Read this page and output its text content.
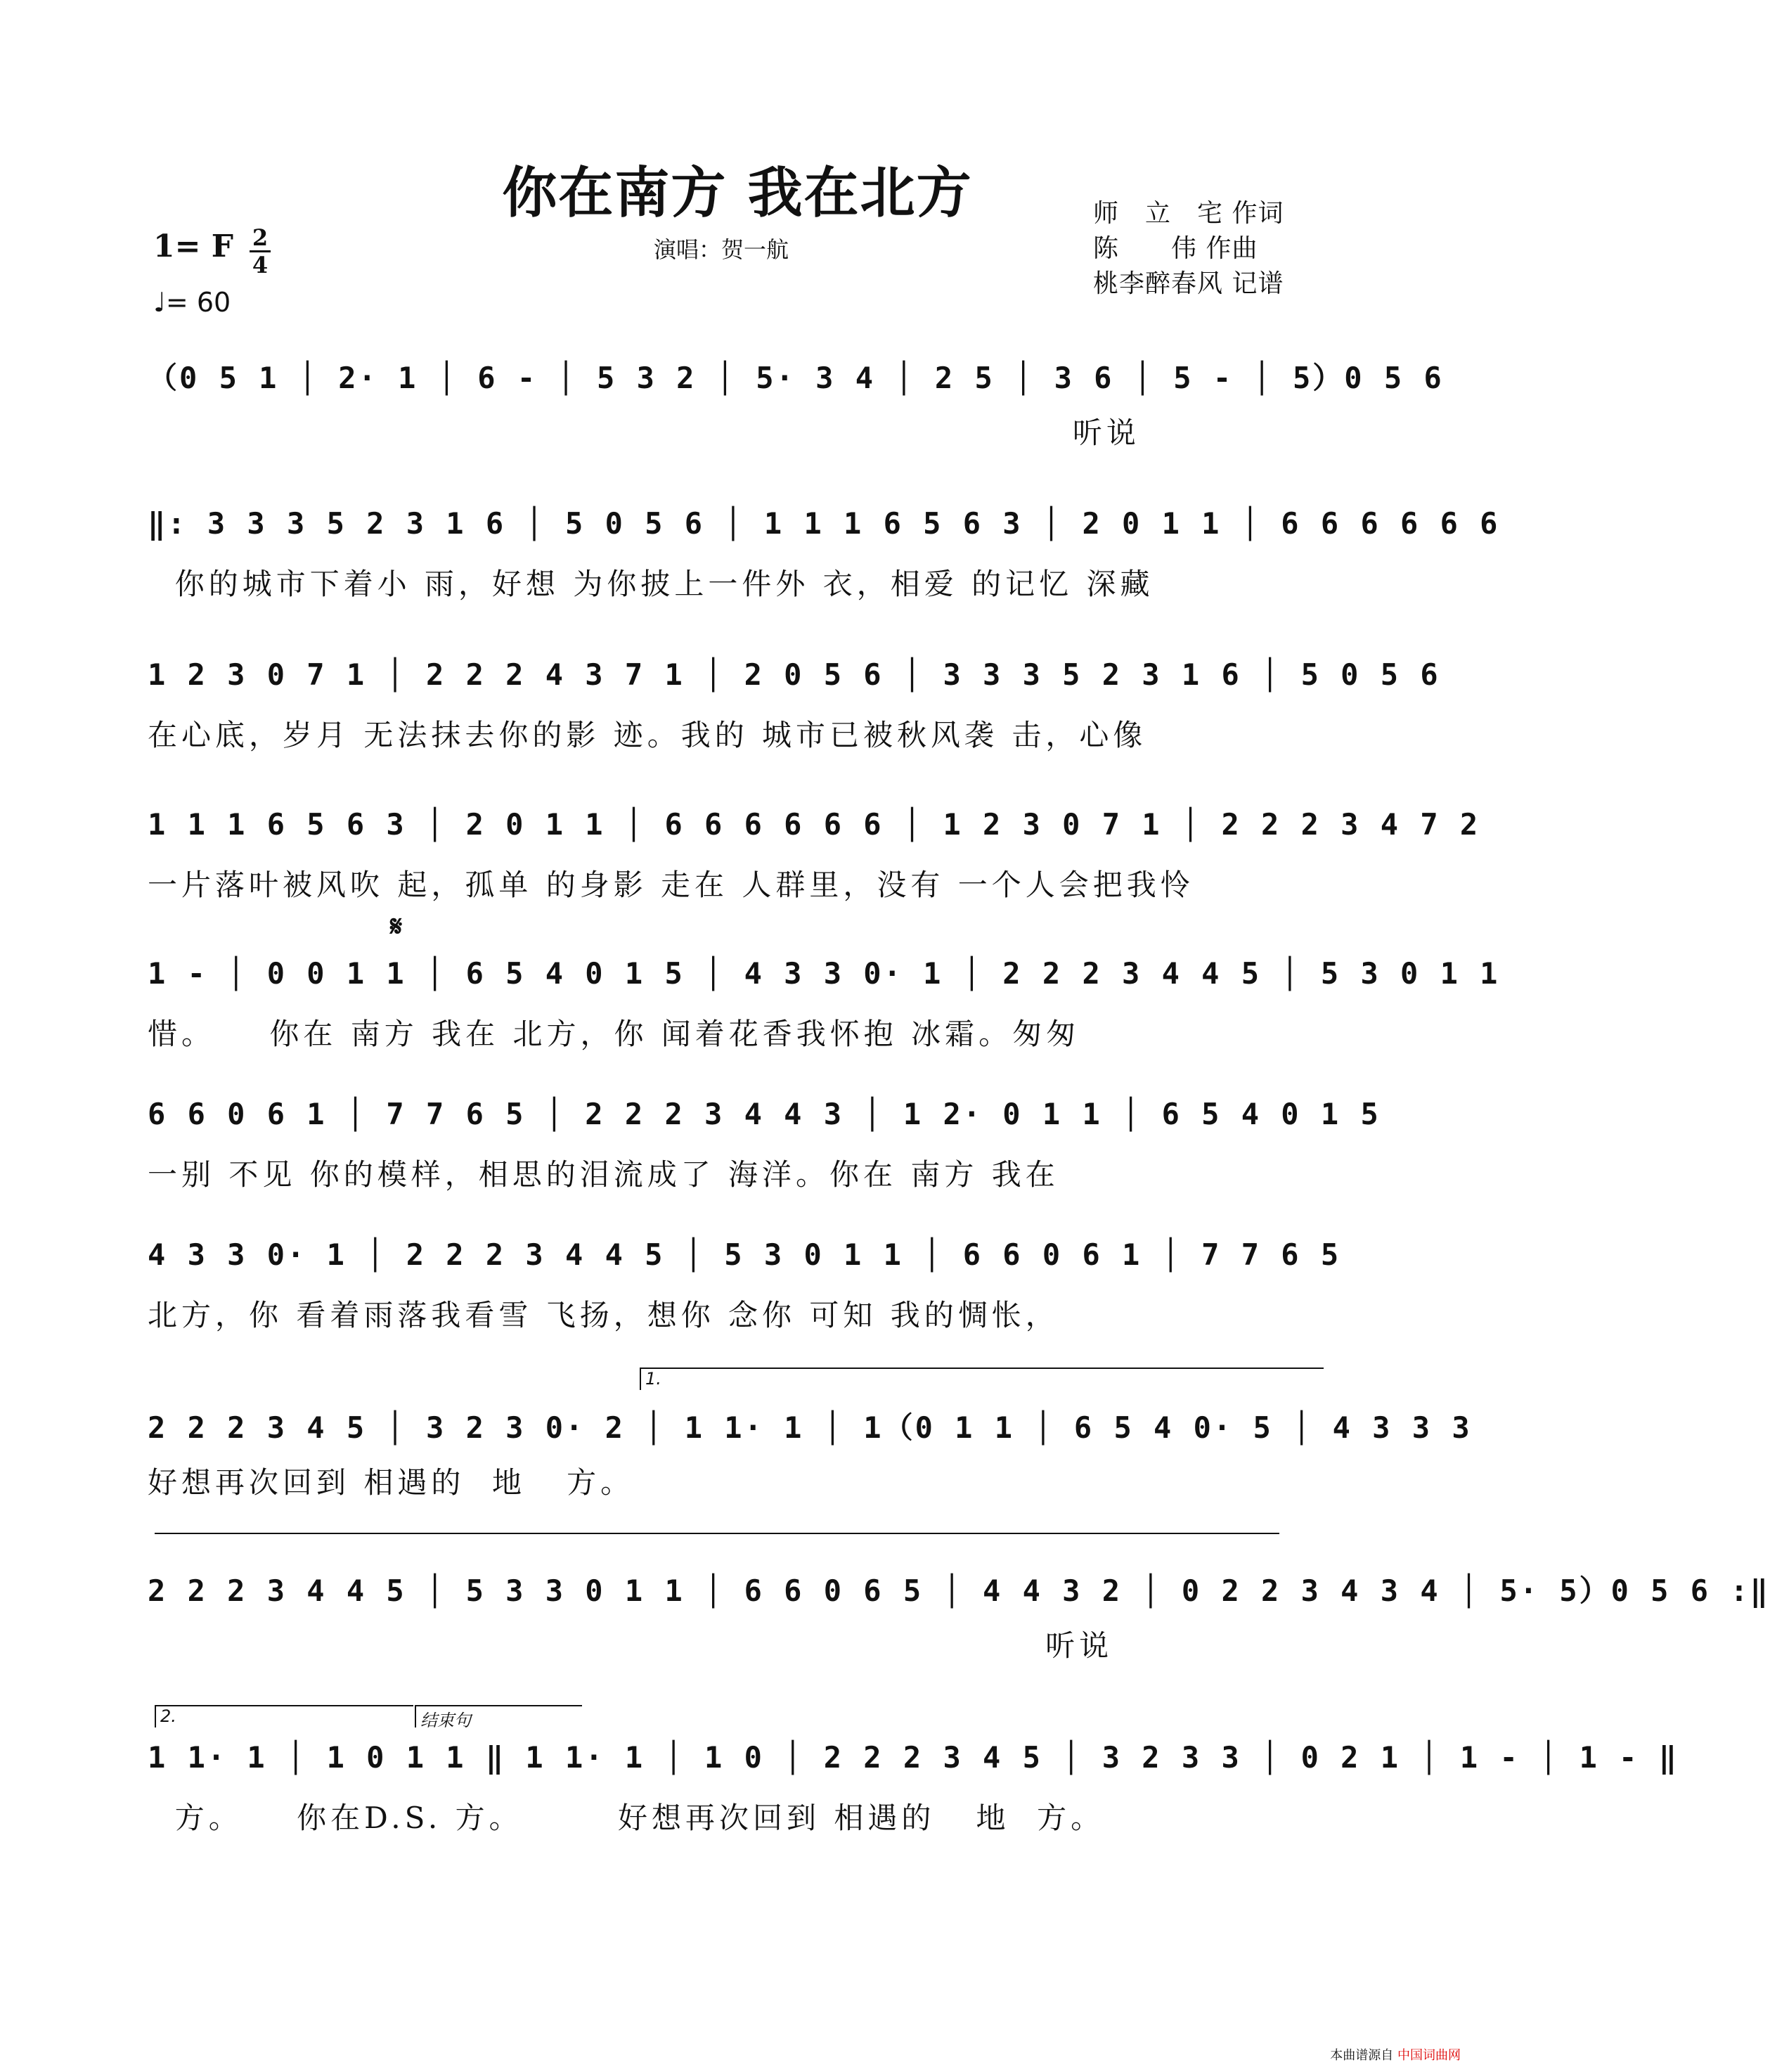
你在南方 我在北方
演唱：贺一航
师　立　宅 作词
陈　　伟 作曲
桃李醉春风 记谱
1= F 2
4
♩= 60
（0 5 1 │ 2· 1 │ 6 - │ 5 3 2 │ 5· 3 4 │ 2 5 │ 3 6 │ 5 - │ 5）0 5 6
听说
‖: 3 3 3 5 2 3 1 6 │ 5 0 5 6 │ 1 1 1 6 5 6 3 │ 2 0 1 1 │ 6 6 6 6 6 6
你的城市下着小 雨，好想 为你披上一件外 衣，相爱 的记忆 深藏
1 2 3 0 7 1 │ 2 2 2 4 3 7 1 │ 2 0 5 6 │ 3 3 3 5 2 3 1 6 │ 5 0 5 6
在心底，岁月 无法抹去你的影 迹。我的 城市已被秋风袭 击，心像
1 1 1 6 5 6 3 │ 2 0 1 1 │ 6 6 6 6 6 6 │ 1 2 3 0 7 1 │ 2 2 2 3 4 7 2
一片落叶被风吹 起，孤单 的身影 走在 人群里，没有 一个人会把我怜
𝄋
1 - │ 0 0 1 1 │ 6 5 4 0 1 5 │ 4 3 3 0· 1 │ 2 2 2 3 4 4 5 │ 5 3 0 1 1
惜。    你在 南方 我在 北方，你 闻着花香我怀抱 冰霜。匆匆
6 6 0 6 1 │ 7 7 6 5 │ 2 2 2 3 4 4 3 │ 1 2· 0 1 1 │ 6 5 4 0 1 5
一别 不见 你的模样，相思的泪流成了 海洋。你在 南方 我在
4 3 3 0· 1 │ 2 2 2 3 4 4 5 │ 5 3 0 1 1 │ 6 6 0 6 1 │ 7 7 6 5
北方，你 看着雨落我看雪 飞扬，想你 念你 可知 我的惆怅，
1.
2 2 2 3 4 5 │ 3 2 3 0· 2 │ 1 1· 1 │ 1（0 1 1 │ 6 5 4 0· 5 │ 4 3 3 3
好想再次回到 相遇的  地   方。
2 2 2 3 4 4 5 │ 5 3 3 0 1 1 │ 6 6 0 6 5 │ 4 4 3 2 │ 0 2 2 3 4 3 4 │ 5· 5）0 5 6 :‖
听说
2.	结束句
1 1· 1 │ 1 0 1 1 ‖ 1 1· 1 │ 1 0 │ 2 2 2 3 4 5 │ 3 2 3 3 │ 0 2 1 │ 1 - │ 1 - ‖
方。    你在D.S. 方。       好想再次回到 相遇的   地  方。
本曲谱源自 中国词曲网
